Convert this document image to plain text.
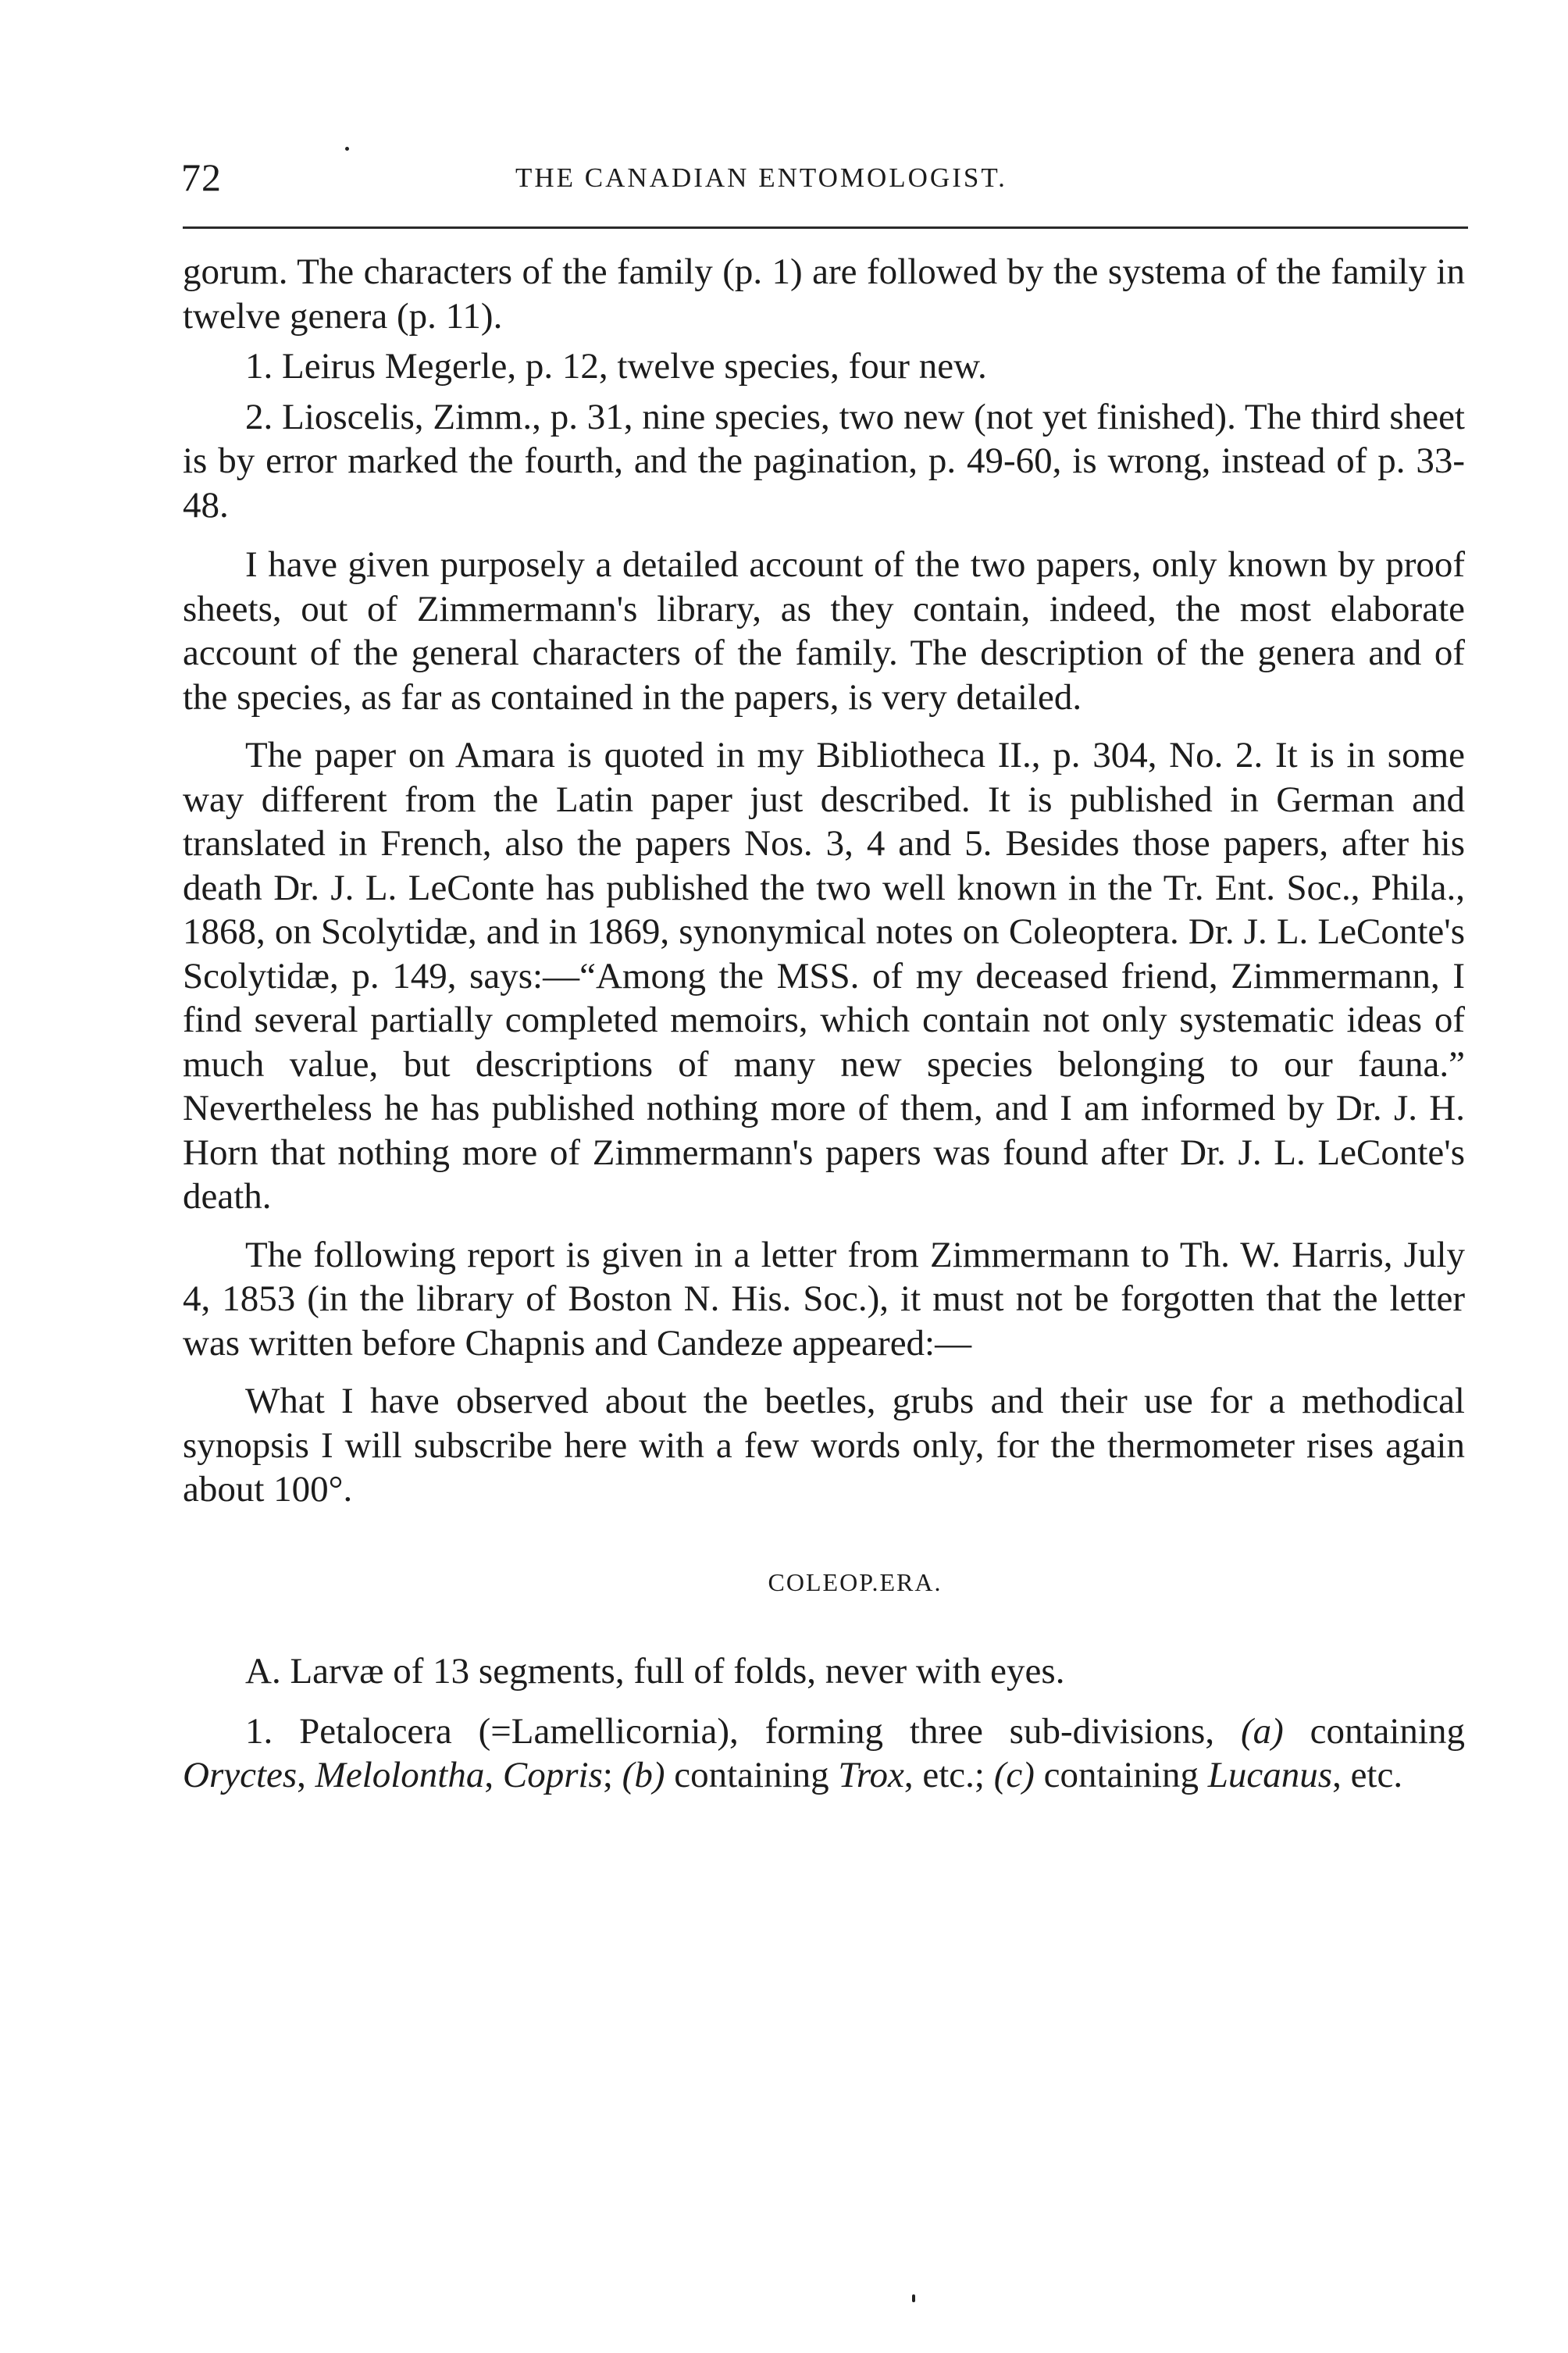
72	THE CANADIAN ENTOMOLOGIST.

gorum. The characters of the family (p. 1) are followed by the systema of the family in twelve genera (p. 11).

1. Leirus Megerle, p. 12, twelve species, four new.

2. Lioscelis, Zimm., p. 31, nine species, two new (not yet finished). The third sheet is by error marked the fourth, and the pagination, p. 49-60, is wrong, instead of p. 33-48.

I have given purposely a detailed account of the two papers, only known by proof sheets, out of Zimmermann's library, as they contain, indeed, the most elaborate account of the general characters of the family. The description of the genera and of the species, as far as contained in the papers, is very detailed.

The paper on Amara is quoted in my Bibliotheca II., p. 304, No. 2. It is in some way different from the Latin paper just described. It is published in German and translated in French, also the papers Nos. 3, 4 and 5. Besides those papers, after his death Dr. J. L. LeConte has published the two well known in the Tr. Ent. Soc., Phila., 1868, on Scolytidæ, and in 1869, synonymical notes on Coleoptera. Dr. J. L. LeConte's Scolytidæ, p. 149, says:—“Among the MSS. of my deceased friend, Zimmermann, I find several partially completed memoirs, which contain not only systematic ideas of much value, but descriptions of many new species belonging to our fauna.” Nevertheless he has published nothing more of them, and I am informed by Dr. J. H. Horn that nothing more of Zimmermann's papers was found after Dr. J. L. LeConte's death.

The following report is given in a letter from Zimmermann to Th. W. Harris, July 4, 1853 (in the library of Boston N. His. Soc.), it must not be forgotten that the letter was written before Chapnis and Candeze appeared:—

What I have observed about the beetles, grubs and their use for a methodical synopsis I will subscribe here with a few words only, for the thermometer rises again about 100°.

COLEOP.ERA.

A. Larvæ of 13 segments, full of folds, never with eyes.

1. Petalocera (=Lamellicornia), forming three sub-divisions, (a) containing Oryctes, Melolontha, Copris; (b) containing Trox, etc.; (c) containing Lucanus, etc.
